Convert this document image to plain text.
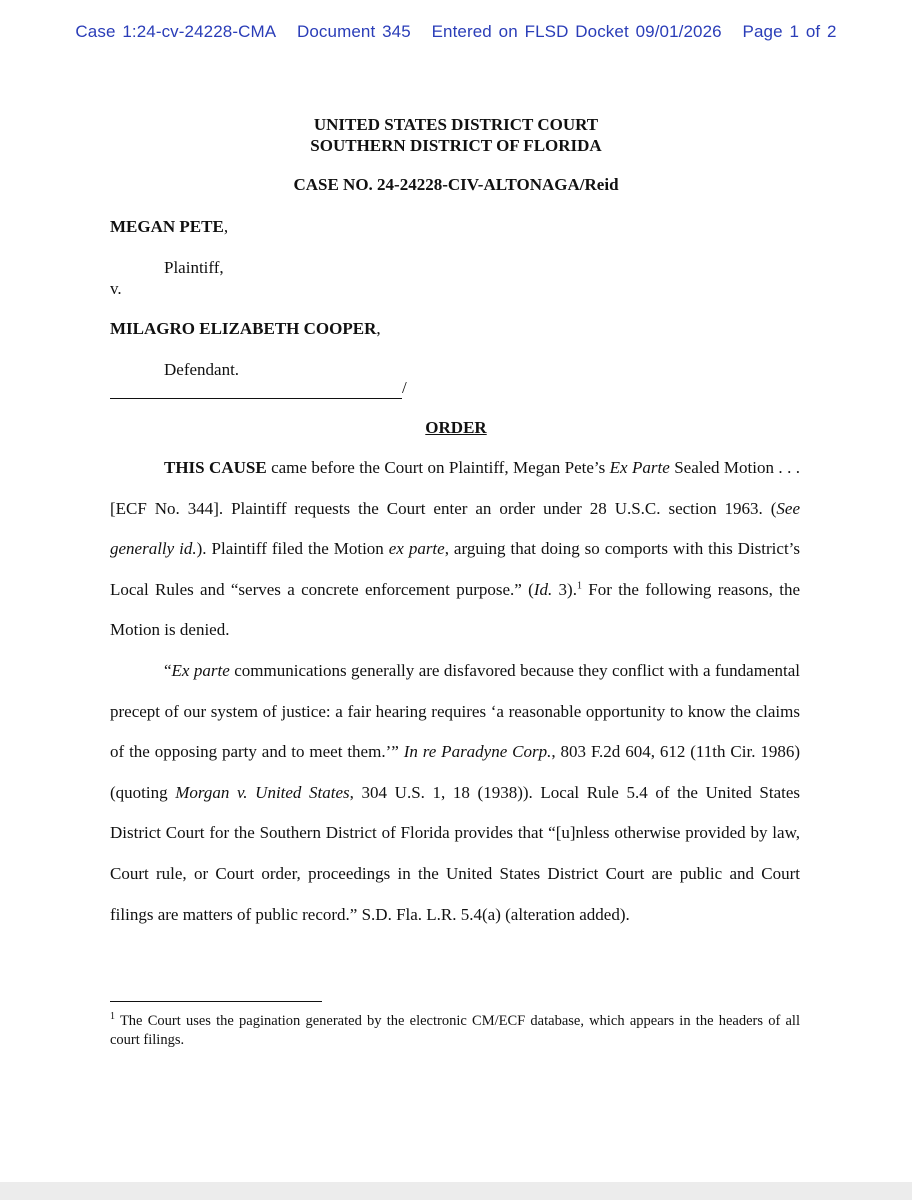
Case 1:24-cv-24228-CMA Document 345 Entered on FLSD Docket 09/01/2026 Page 1 of 2
UNITED STATES DISTRICT COURT
SOUTHERN DISTRICT OF FLORIDA
CASE NO. 24-24228-CIV-ALTONAGA/Reid
MEGAN PETE,
Plaintiff,
v.
MILAGRO ELIZABETH COOPER,
Defendant.
/
ORDER
THIS CAUSE came before the Court on Plaintiff, Megan Pete’s Ex Parte Sealed Motion . . . [ECF No. 344]. Plaintiff requests the Court enter an order under 28 U.S.C. section 1963. (See generally id.). Plaintiff filed the Motion ex parte, arguing that doing so comports with this District’s Local Rules and “serves a concrete enforcement purpose.” (Id. 3).$^1$ For the following reasons, the Motion is denied.
“Ex parte communications generally are disfavored because they conflict with a fundamental precept of our system of justice: a fair hearing requires ‘a reasonable opportunity to know the claims of the opposing party and to meet them.’” In re Paradyne Corp., 803 F.2d 604, 612 (11th Cir. 1986) (quoting Morgan v. United States, 304 U.S. 1, 18 (1938)). Local Rule 5.4 of the United States District Court for the Southern District of Florida provides that “[u]nless otherwise provided by law, Court rule, or Court order, proceedings in the United States District Court are public and Court filings are matters of public record.” S.D. Fla. L.R. 5.4(a) (alteration added).
$^1$ The Court uses the pagination generated by the electronic CM/ECF database, which appears in the headers of all court filings.
